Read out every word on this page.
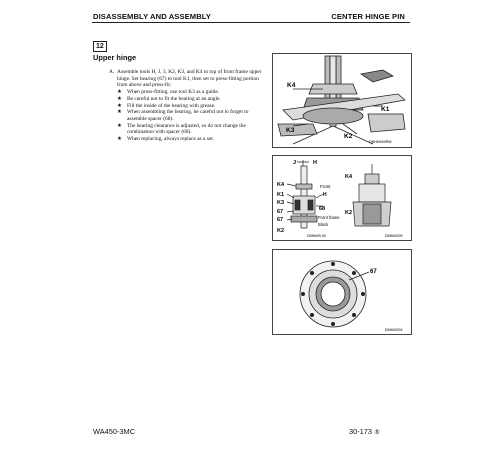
DISASSEMBLY AND ASSEMBLY	CENTER HINGE PIN
12
Upper hinge
A. Assemble tools H, J, 3, K2, K3, and K4 to top of front frame upper hinge. Set bearing (67) to tool K1, then set to press-fitting portion from above and press-fit.
★ When press-fitting, use tool K3 as a guide.
★ Be careful not to fit the bearing at an angle.
★ Fill the inside of the bearing with grease.
★ When assembling the bearing, be careful not to forget to assemble spacer (68).
★ The bearing clearance is adjusted, so do not change the combination with spacer (68).
★ When replacing, always replace as a set.
K4
K1
K3
K2
DBHM069RW
J	H
K4
K1
K3
67
67
K2
Front
H
68
Front frame
Block
K4
K2
DBHM09-09	DBHM0009
67
DBHM0004
WA450-3MC	30-173 ⑤
